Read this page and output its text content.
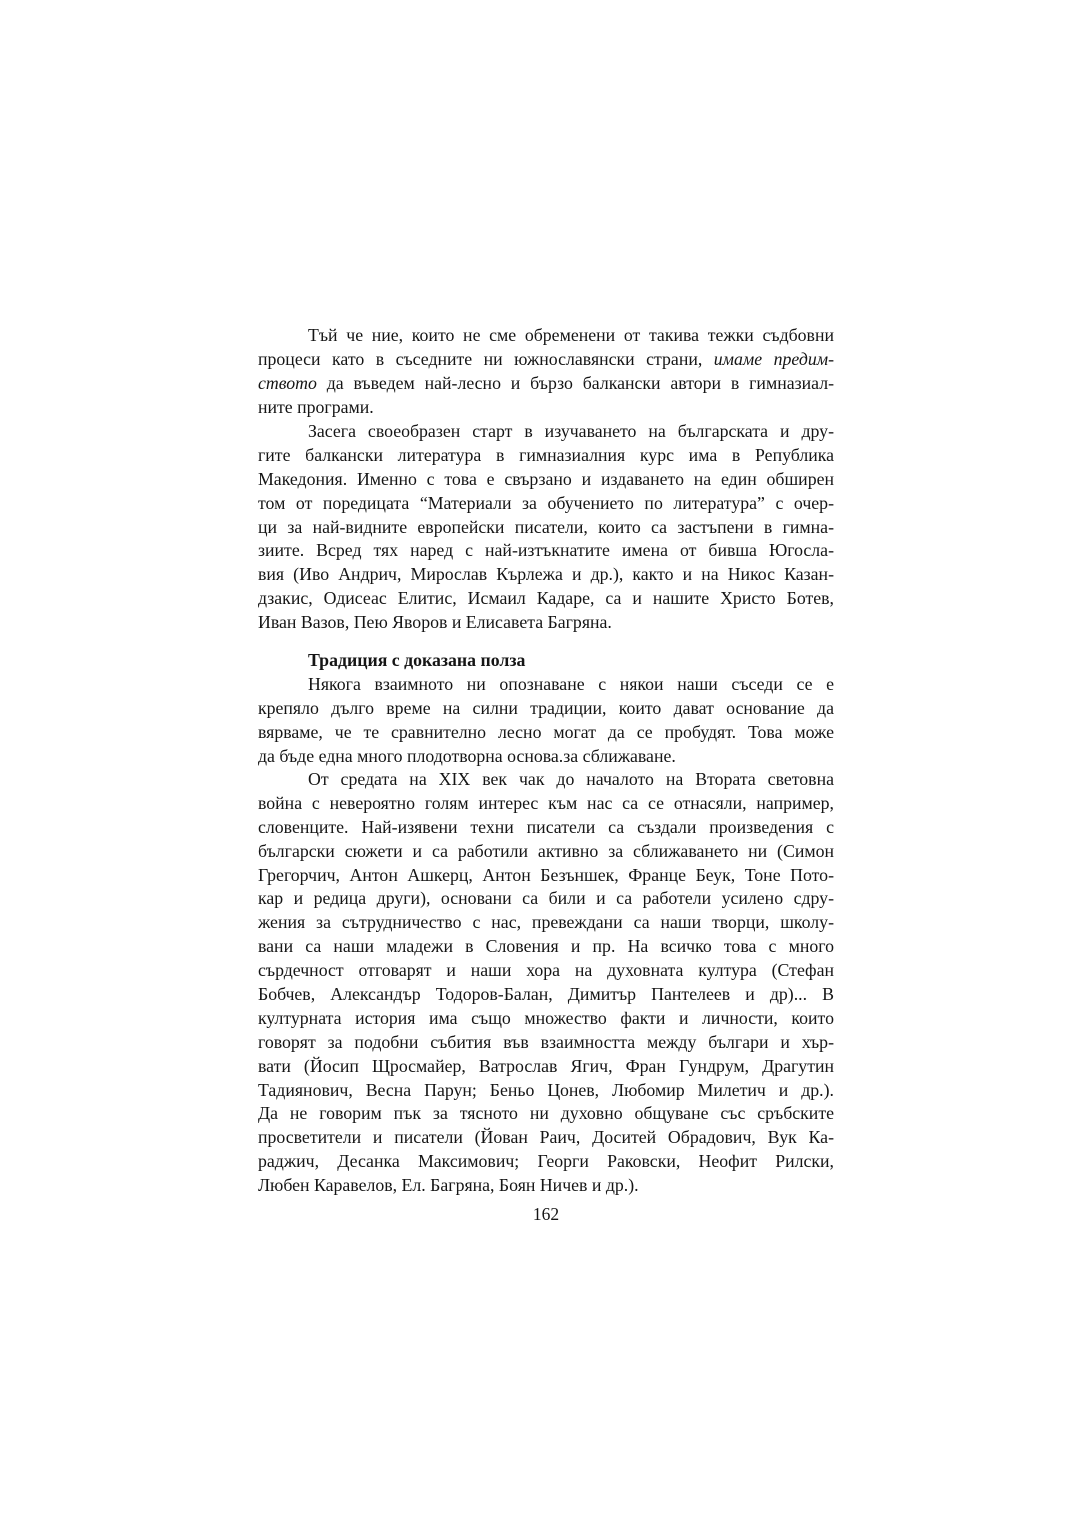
Тъй че ние, които не сме обременени от такива тежки съдбовни
процеси като в съседните ни южнославянски страни, имаме предим-
ството да въведем най-лесно и бързо балкански автори в гимназиал-
ните програми.
Засега своеобразен старт в изучаването на българската и дру-
гите балкански литература в гимназиалния курс има в Република
Македония. Именно с това е свързано и издаването на един обширен
том от поредицата “Материали за обучението по литература” с очер-
ци за най-видните европейски писатели, които са застъпени в гимна-
зиите. Всред тях наред с най-изтъкнатите имена от бивша Югосла-
вия (Иво Андрич, Мирослав Кърлежа и др.), както и на Никос Казан-
дзакис, Одисеас Елитис, Исмаил Кадаре, са и нашите Христо Ботев,
Иван Вазов, Пею Яворов и Елисавета Багряна.
Традиция с доказана полза
Някога взаимното ни опознаване с някои наши съседи се е
крепяло дълго време на силни традиции, които дават основание да
вярваме, че те сравнително лесно могат да се пробудят. Това може
да бъде една много плодотворна основа.за сближаване.
От средата на ХІХ век чак до началото на Втората световна
война с невероятно голям интерес към нас са се отнасяли, например,
словенците. Най-изявени техни писатели са създали произведения с
български сюжети и са работили активно за сближаването ни (Симон
Грегорчич, Антон Ашкерц, Антон Безъншек, Франце Беук, Тоне Пото-
кар и редица други), основани са били и са работели усилено сдру-
жения за сътрудничество с нас, превеждани са наши творци, школу-
вани са наши младежи в Словения и пр. На всичко това с много
сърдечност отговарят и наши хора на духовната култура (Стефан
Бобчев, Александър Тодоров-Балан, Димитър Пантелеев и др)... В
културната история има също множество факти и личности, които
говорят за подобни събития във взаимността между българи и хър-
вати (Йосип Щросмайер, Ватрослав Ягич, Фран Гундрум, Драгутин
Тадиянович, Весна Парун; Беньо Цонев, Любомир Милетич и др.).
Да не говорим пък за тясното ни духовно общуване със сръбските
просветители и писатели (Йован Раич, Доситей Обрадович, Вук Ка-
раджич, Десанка Максимович; Георги Раковски, Неофит Рилски,
Любен Каравелов, Ел. Багряна, Боян Ничев и др.).
162
